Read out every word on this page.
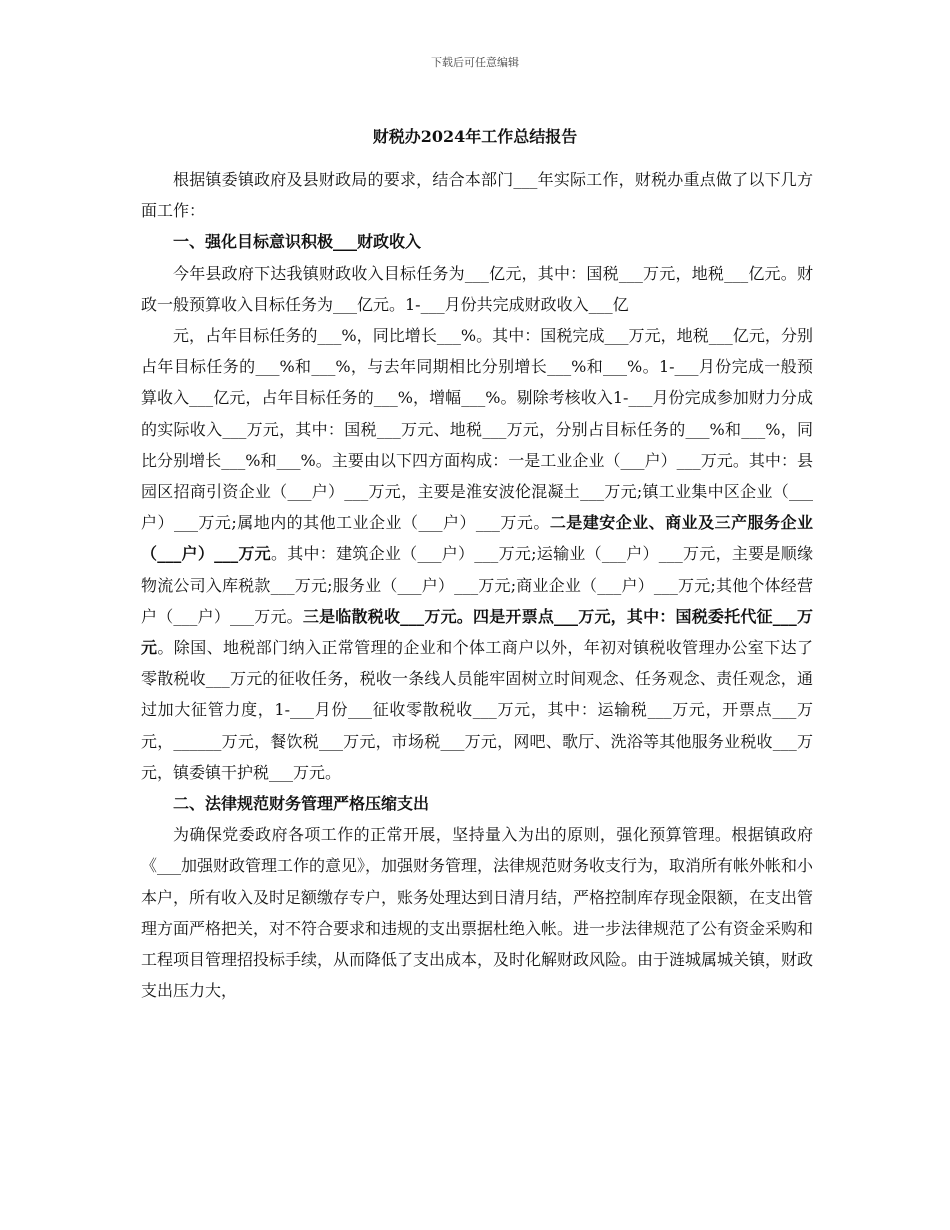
下载后可任意编辑
财税办2024年工作总结报告

根据镇委镇政府及县财政局的要求，结合本部门___年实际工作，财税办重点做了以下几方面工作：

一、强化目标意识积极___财政收入

今年县政府下达我镇财政收入目标任务为___亿元，其中：国税___万元，地税___亿元。财政一般预算收入目标任务为___亿元。1-___月份共完成财政收入___亿

元，占年目标任务的___%，同比增长___%。其中：国税完成___万元，地税___亿元，分别占年目标任务的___%和___%，与去年同期相比分别增长___%和___%。1-___月份完成一般预算收入___亿元，占年目标任务的___%，增幅___%。剔除考核收入1-___月份完成参加财力分成的实际收入___万元，其中：国税___万元、地税___万元，分别占目标任务的___%和___%，同比分别增长___%和___%。主要由以下四方面构成：一是工业企业（___户）___万元。其中：县园区招商引资企业（___户）___万元，主要是淮安波伦混凝土___万元;镇工业集中区企业（___户）___万元;属地内的其他工业企业（___户）___万元。二是建安企业、商业及三产服务企业（___户）___万元。其中：建筑企业（___户）___万元;运输业（___户）___万元，主要是顺缘物流公司入库税款___万元;服务业（___户）___万元;商业企业（___户）___万元;其他个体经营户（___户）___万元。三是临散税收___万元。四是开票点___万元，其中：国税委托代征___万元。除国、地税部门纳入正常管理的企业和个体工商户以外，年初对镇税收管理办公室下达了零散税收___万元的征收任务，税收一条线人员能牢固树立时间观念、任务观念、责任观念，通过加大征管力度，1-___月份___征收零散税收___万元，其中：运输税___万元，开票点___万元，______万元，餐饮税___万元，市场税___万元，网吧、歌厅、洗浴等其他服务业税收___万元，镇委镇干护税___万元。

二、法律规范财务管理严格压缩支出

为确保党委政府各项工作的正常开展，坚持量入为出的原则，强化预算管理。根据镇政府《___加强财政管理工作的意见》，加强财务管理，法律规范财务收支行为，取消所有帐外帐和小本户，所有收入及时足额缴存专户，账务处理达到日清月结，严格控制库存现金限额，在支出管理方面严格把关，对不符合要求和违规的支出票据杜绝入帐。进一步法律规范了公有资金采购和工程项目管理招投标手续，从而降低了支出成本，及时化解财政风险。由于涟城属城关镇，财政支出压力大，
